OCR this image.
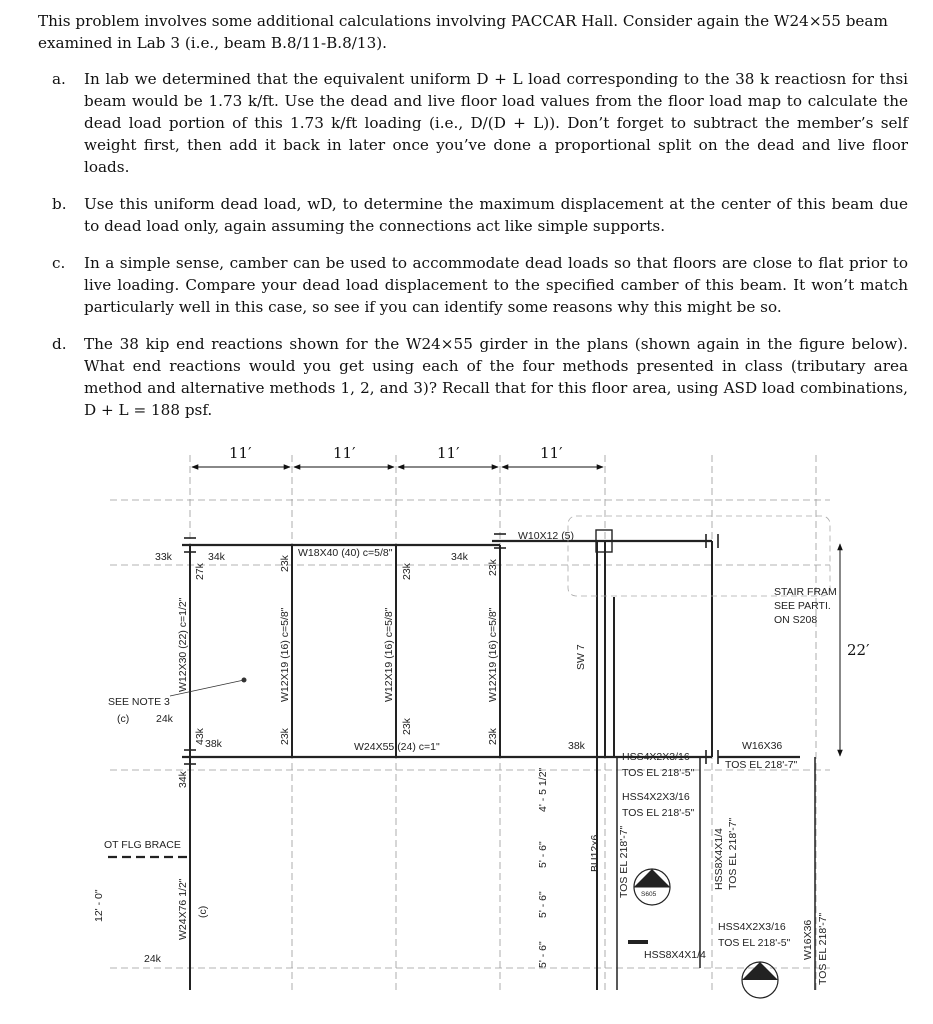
This problem involves some additional calculations involving PACCAR Hall. Consider again the W24×55 beam examined in Lab 3 (i.e., beam B.8/11-B.8/13).
a. In lab we determined that the equivalent uniform D + L load corresponding to the 38 k reactiosn for thsi beam would be 1.73 k/ft. Use the dead and live floor load values from the floor load map to calculate the dead load portion of this 1.73 k/ft loading (i.e., D/(D + L)). Don’t forget to subtract the member’s self weight first, then add it back in later once you’ve done a proportional split on the dead and live floor loads.
b. Use this uniform dead load, wD, to determine the maximum displacement at the center of this beam due to dead load only, again assuming the connections act like simple supports.
c. In a simple sense, camber can be used to accommodate dead loads so that floors are close to flat prior to live loading. Compare your dead load displacement to the specified camber of this beam. It won’t match particularly well in this case, so see if you can identify some reasons why this might be so.
d. The 38 kip end reactions shown for the W24×55 girder in the plans (shown again in the figure below). What end reactions would you get using each of the four methods presented in class (tributary area method and alternative methods 1, 2, and 3)? Recall that for this floor area, using ASD load combinations, D + L = 188 psf.
11′	11′	11′	11′
22′
W18X40 (40) c=5/8"
W10X12 (5)
W24X55 (24) c=1"	W16X36
TOS EL 218'-7"
33k	34k	34k
24k
38k	38k
24k
SEE NOTE 3
(c)
STAIR FRAM
SEE PARTI.
ON S208
OT FLG BRACE
HSS4X2X3/16
TOS EL 218'-5"
HSS4X2X3/16
TOS EL 218'-5"
HSS4X2X3/16
TOS EL 218'-5"
HSS8X4X1/4
2
S605
9
W12X30 (22) c=1/2"	W12X19 (16) c=5/8"	W12X19 (16) c=5/8"	W12X19 (16) c=5/8"
W24X76 1/2" (c)
27k	23k	23k	23k
43k	23k
23k
23k
34k
SW 7
12' - 0"
4' - 5 1/2"
5' - 6"
5' - 6"
5' - 6"
BU12x6 TOS EL 218'-7"	HSS8X4X1/4 TOS EL 218'-7"
W16X36 TOS EL 218'-7"
